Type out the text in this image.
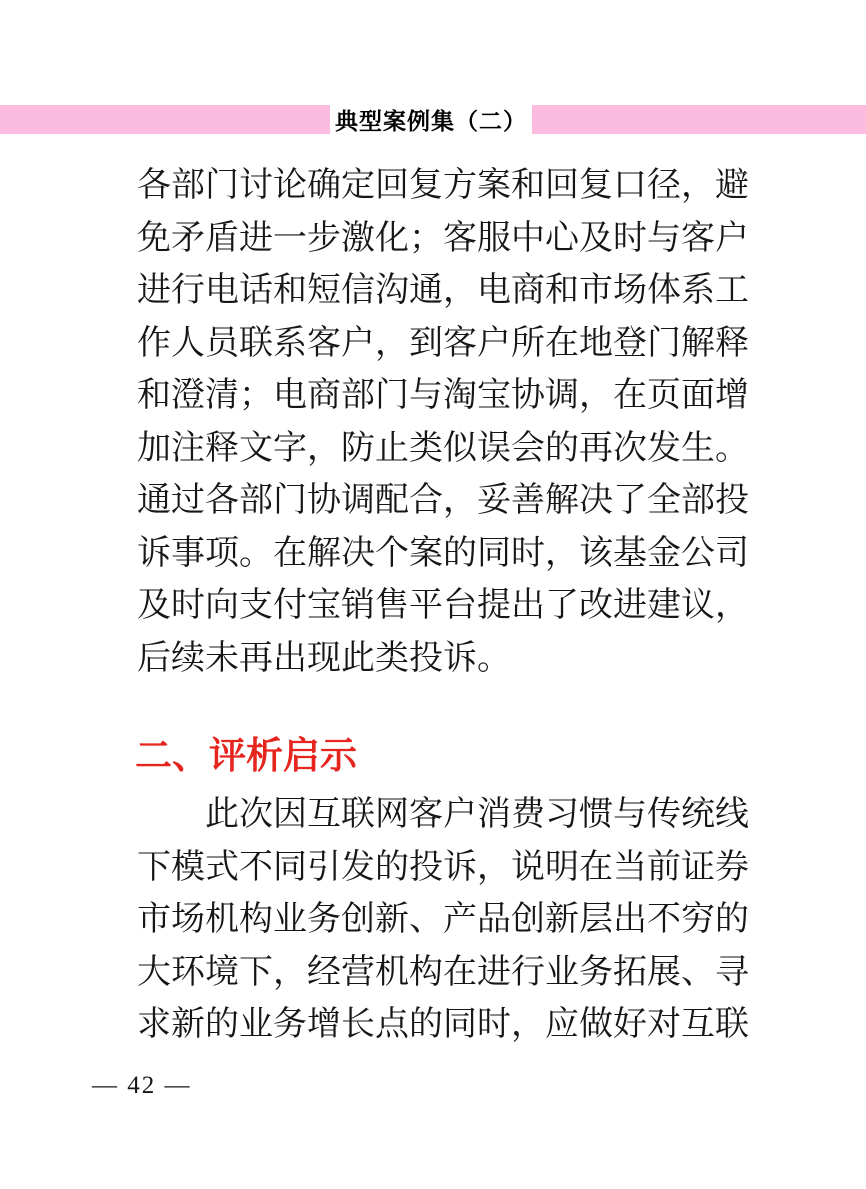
典型案例集（二）
各部门讨论确定回复方案和回复口径，避
免矛盾进一步激化；客服中心及时与客户
进行电话和短信沟通，电商和市场体系工
作人员联系客户，到客户所在地登门解释
和澄清；电商部门与淘宝协调，在页面增
加注释文字，防止类似误会的再次发生。
通过各部门协调配合，妥善解决了全部投
诉事项。在解决个案的同时，该基金公司
及时向支付宝销售平台提出了改进建议，
后续未再出现此类投诉。
二、评析启示
此次因互联网客户消费习惯与传统线
下模式不同引发的投诉，说明在当前证券
市场机构业务创新、产品创新层出不穷的
大环境下，经营机构在进行业务拓展、寻
求新的业务增长点的同时，应做好对互联
— 42 —
